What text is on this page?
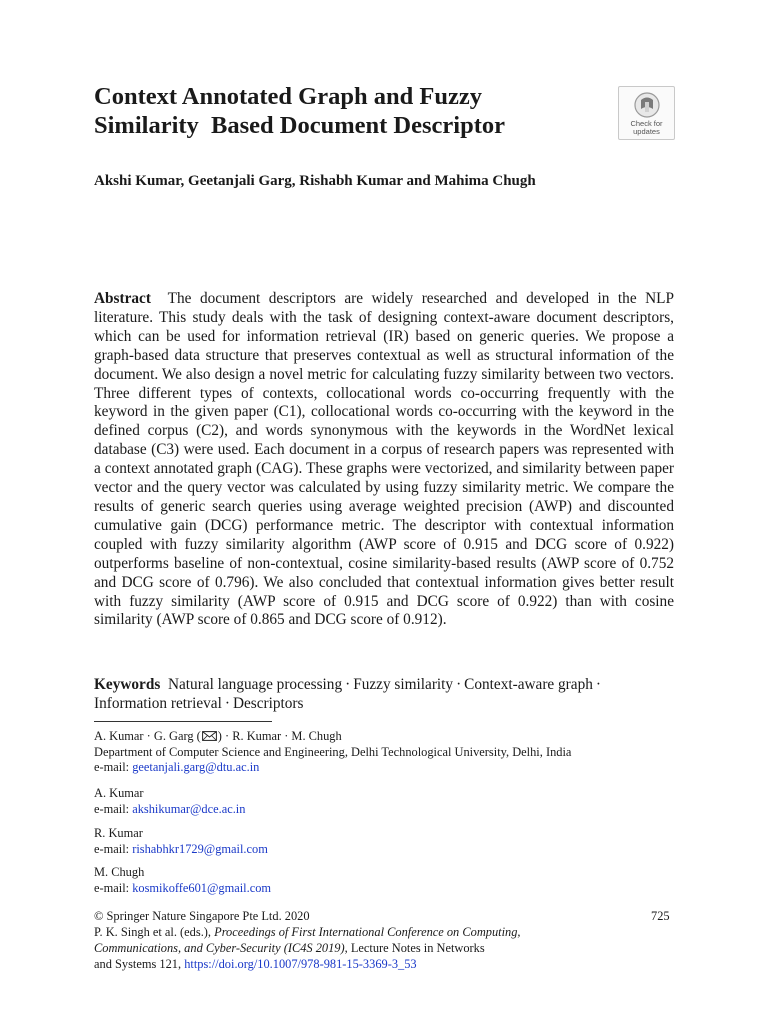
Context Annotated Graph and Fuzzy
Similarity  Based Document Descriptor	Check for
updates

Akshi Kumar, Geetanjali Garg, Rishabh Kumar and Mahima Chugh

Abstract The document descriptors are widely researched and developed in the NLP literature. This study deals with the task of designing context-aware document descriptors, which can be used for information retrieval (IR) based on generic queries. We propose a graph-based data structure that preserves contextual as well as structural information of the document. We also design a novel metric for calculating fuzzy similarity between two vectors. Three different types of contexts, collocational words co-occurring frequently with the keyword in the given paper (C1), collocational words co-occurring with the keyword in the defined corpus (C2), and words synonymous with the keywords in the WordNet lexical database (C3) were used. Each document in a corpus of research papers was represented with a context annotated graph (CAG). These graphs were vectorized, and similarity between paper vector and the query vector was calculated by using fuzzy similarity metric. We compare the results of generic search queries using average weighted precision (AWP) and discounted cumulative gain (DCG) performance metric. The descriptor with contextual information coupled with fuzzy similarity algorithm (AWP score of 0.915 and DCG score of 0.922) outperforms baseline of non-contextual, cosine similarity-based results (AWP score of 0.752 and DCG score of 0.796). We also concluded that contextual information gives better result with fuzzy similarity (AWP score of 0.915 and DCG score of 0.922) than with cosine similarity (AWP score of 0.865 and DCG score of 0.912).

Keywords Natural language processing · Fuzzy similarity · Context-aware graph ·
Information retrieval · Descriptors

A. Kumar · G. Garg ( ) · R. Kumar · M. Chugh
Department of Computer Science and Engineering, Delhi Technological University, Delhi, India
e-mail: geetanjali.garg@dtu.ac.in
A. Kumar
e-mail: akshikumar@dce.ac.in
R. Kumar
e-mail: rishabhkr1729@gmail.com
M. Chugh
e-mail: kosmikoffe601@gmail.com
© Springer Nature Singapore Pte Ltd. 2020
P. K. Singh et al. (eds.), Proceedings of First International Conference on Computing,
Communications, and Cyber-Security (IC4S 2019), Lecture Notes in Networks
and Systems 121, https://doi.org/10.1007/978-981-15-3369-3_53
725
